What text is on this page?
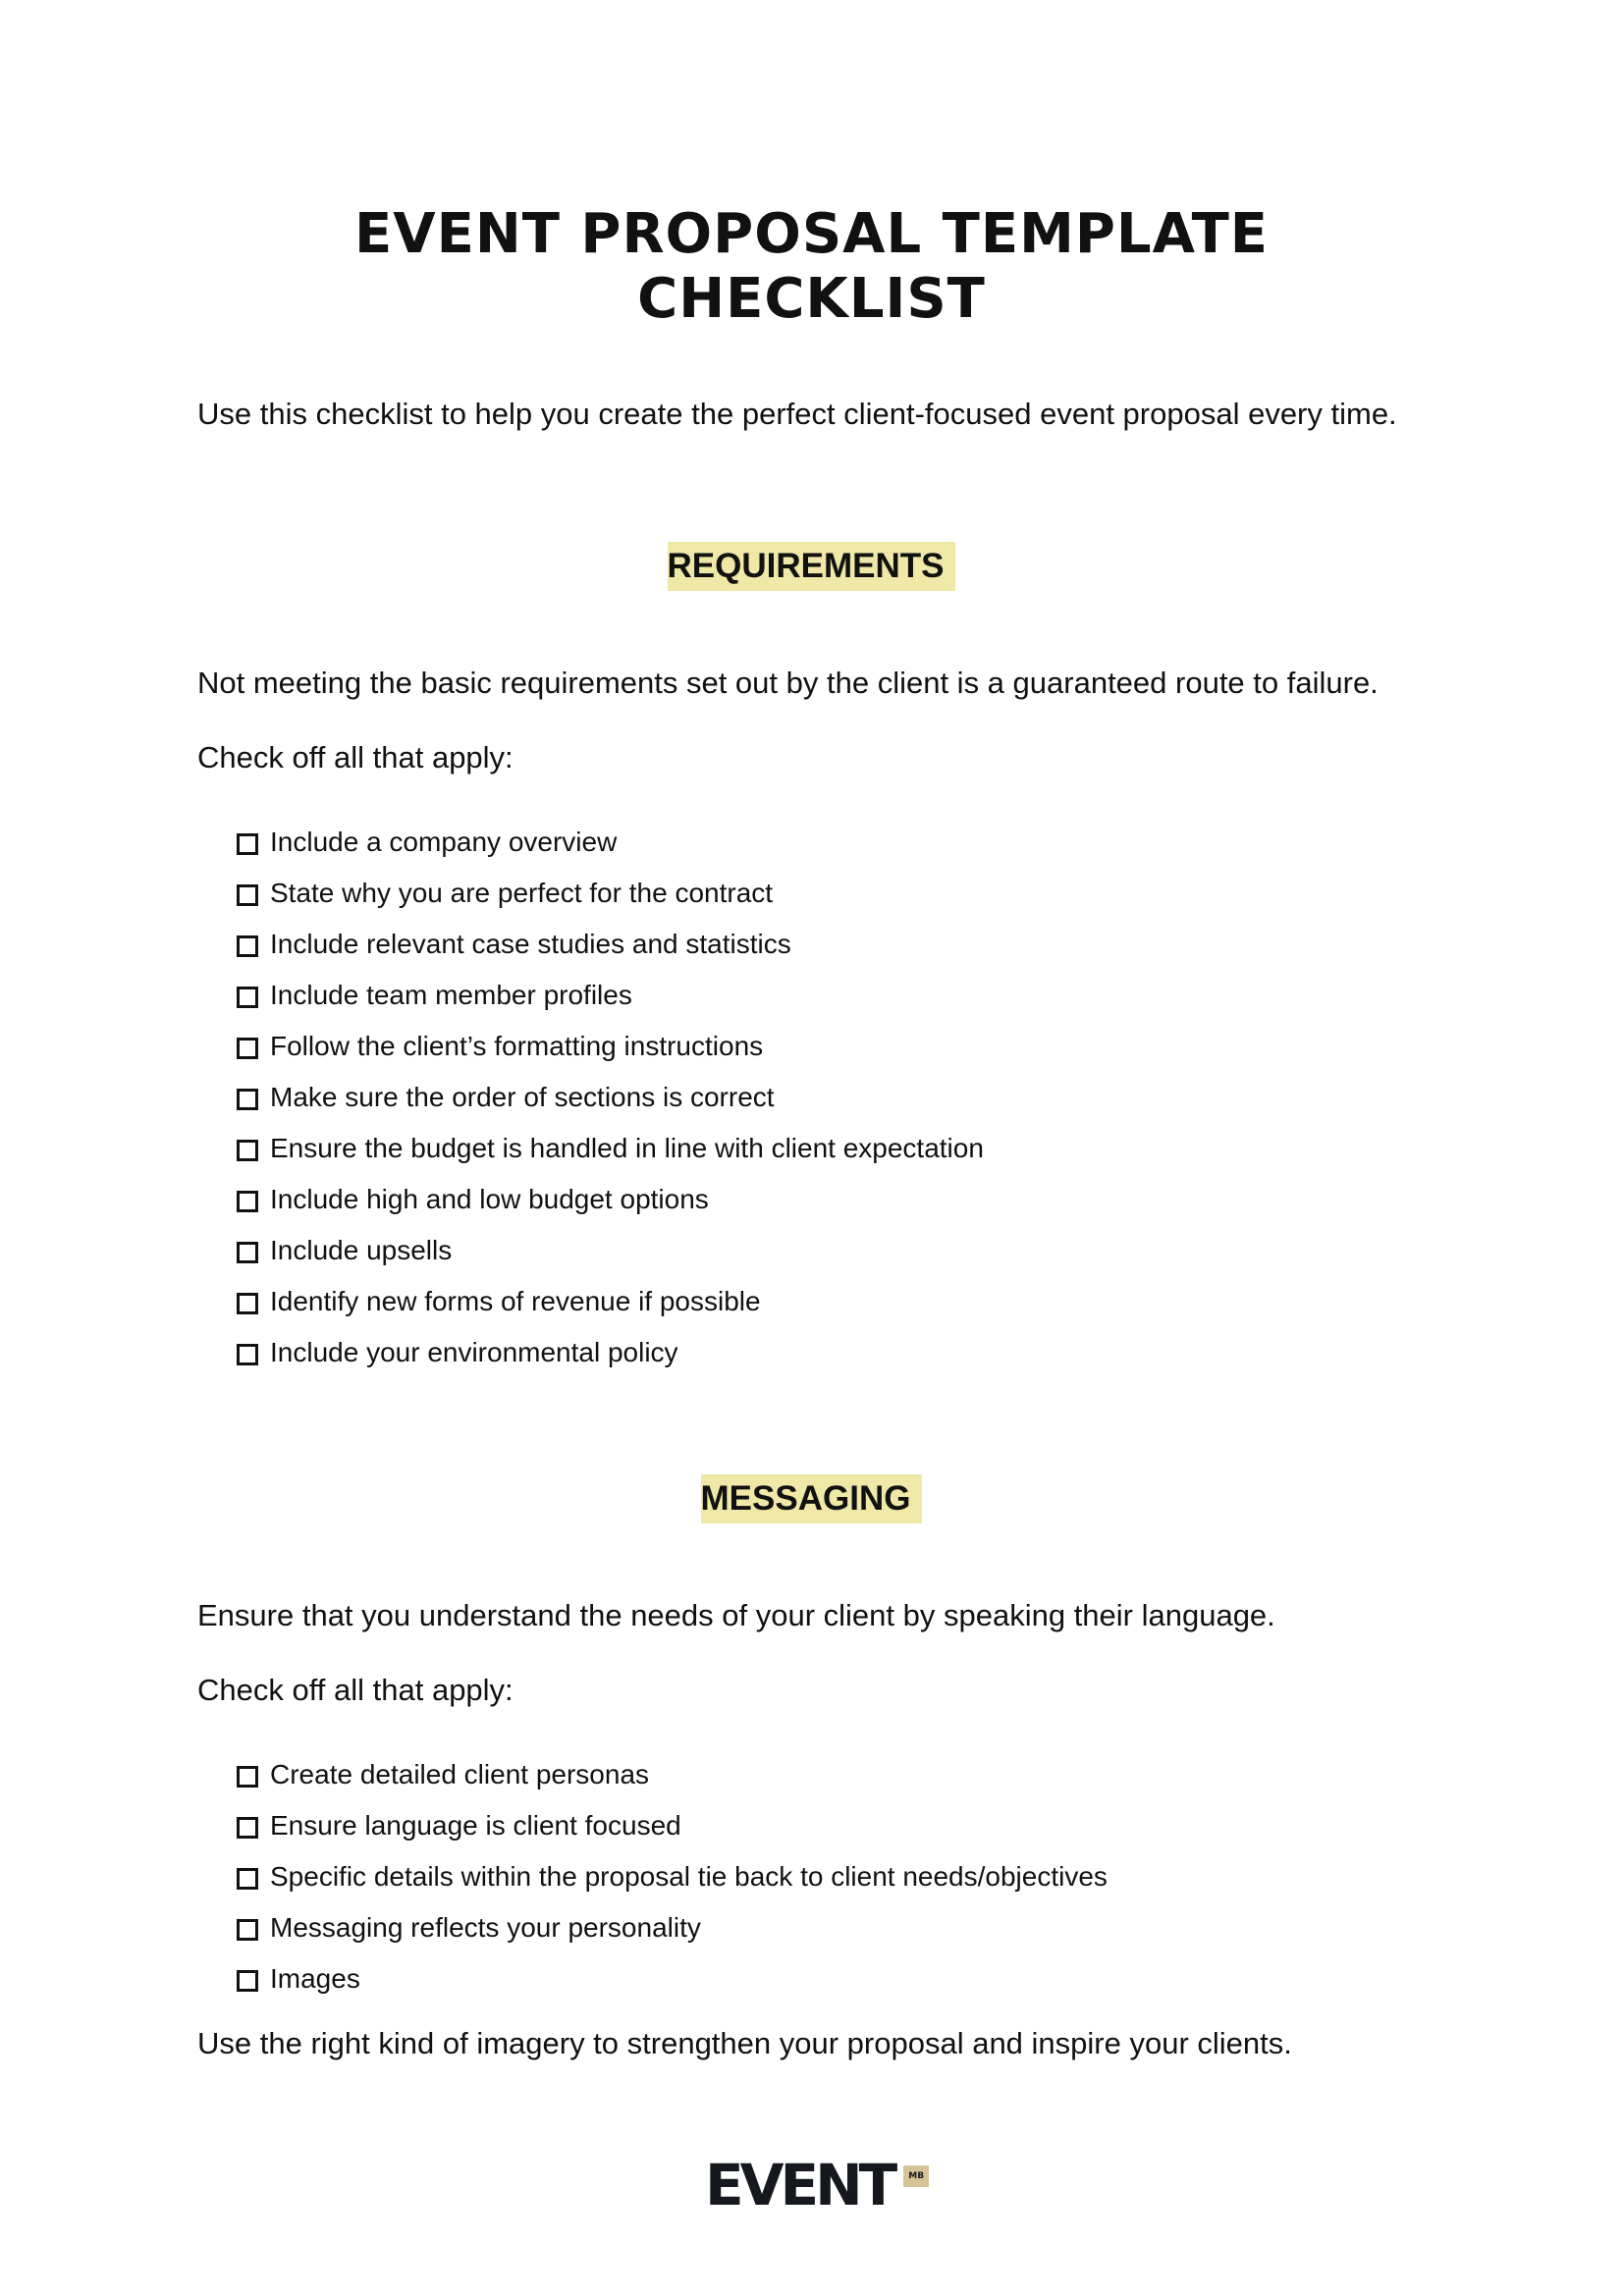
EVENT PROPOSAL TEMPLATE
CHECKLIST

Use this checklist to help you create the perfect client-focused event proposal every time.

REQUIREMENTS

Not meeting the basic requirements set out by the client is a guaranteed route to failure.

Check off all that apply:

Include a company overview
State why you are perfect for the contract
Include relevant case studies and statistics
Include team member profiles
Follow the client’s formatting instructions
Make sure the order of sections is correct
Ensure the budget is handled in line with client expectation
Include high and low budget options
Include upsells
Identify new forms of revenue if possible
Include your environmental policy
MESSAGING

Ensure that you understand the needs of your client by speaking their language.

Check off all that apply:

Create detailed client personas
Ensure language is client focused
Specific details within the proposal tie back to client needs/objectives
Messaging reflects your personality
Images

Use the right kind of imagery to strengthen your proposal and inspire your clients.

EVENT	MB
